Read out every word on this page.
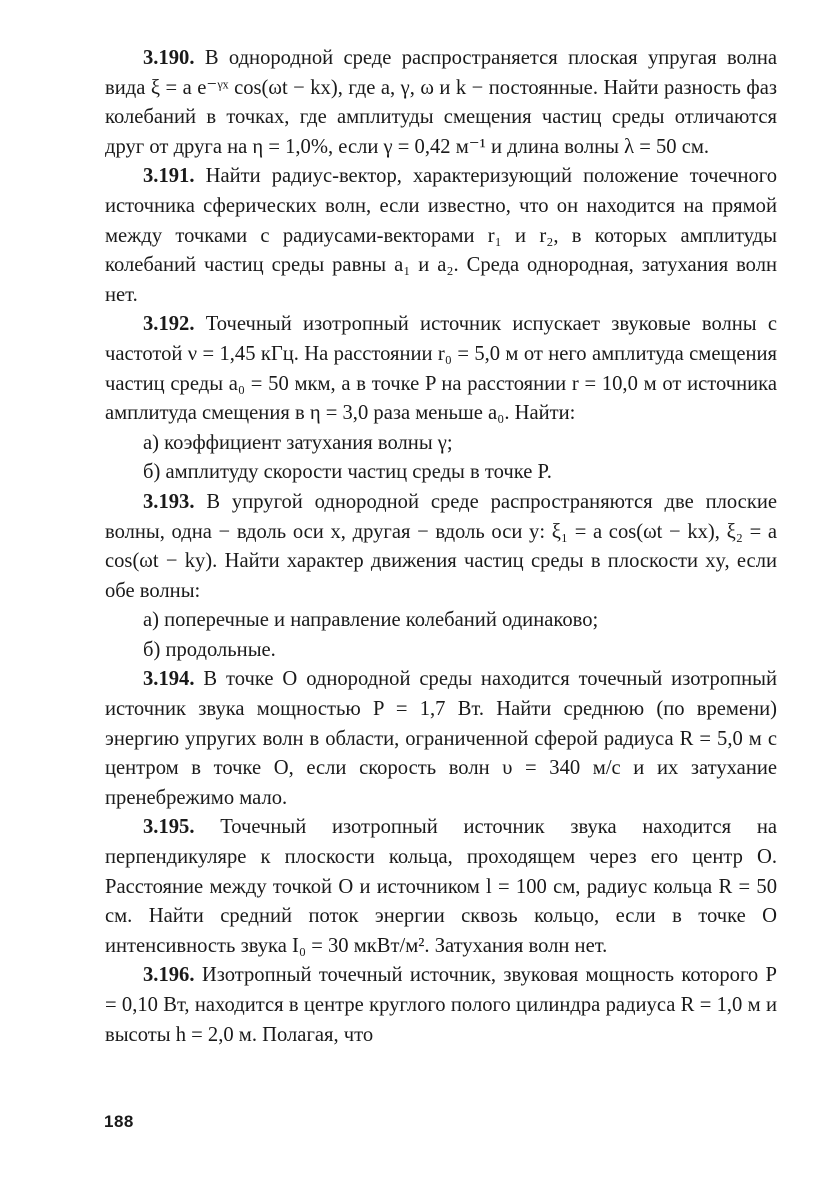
3.190. В однородной среде распространяется плоская упругая волна вида ξ = a e⁻ᵞˣ cos(ωt − kx), где a, γ, ω и k − постоянные. Найти разность фаз колебаний в точках, где амплитуды смещения частиц среды отличаются друг от друга на η = 1,0%, если γ = 0,42 м⁻¹ и длина волны λ = 50 см.

3.191. Найти радиус-вектор, характеризующий положение точечного источника сферических волн, если известно, что он находится на прямой между точками с радиусами-векторами r₁ и r₂, в которых амплитуды колебаний частиц среды равны a₁ и a₂. Среда однородная, затухания волн нет.

3.192. Точечный изотропный источник испускает звуковые волны с частотой ν = 1,45 кГц. На расстоянии r₀ = 5,0 м от него амплитуда смещения частиц среды a₀ = 50 мкм, а в точке P на расстоянии r = 10,0 м от источника амплитуда смещения в η = 3,0 раза меньше a₀. Найти:

а) коэффициент затухания волны γ;

б) амплитуду скорости частиц среды в точке P.

3.193. В упругой однородной среде распространяются две плоские волны, одна − вдоль оси x, другая − вдоль оси y: ξ₁ = a cos(ωt − kx), ξ₂ = a cos(ωt − ky). Найти характер движения частиц среды в плоскости xy, если обе волны:

а) поперечные и направление колебаний одинаково;

б) продольные.

3.194. В точке O однородной среды находится точечный изотропный источник звука мощностью P = 1,7 Вт. Найти среднюю (по времени) энергию упругих волн в области, ограниченной сферой радиуса R = 5,0 м с центром в точке O, если скорость волн υ = 340 м/с и их затухание пренебрежимо мало.

3.195. Точечный изотропный источник звука находится на перпендикуляре к плоскости кольца, проходящем через его центр O. Расстояние между точкой O и источником l = 100 см, радиус кольца R = 50 см. Найти средний поток энергии сквозь кольцо, если в точке O интенсивность звука I₀ = 30 мкВт/м². Затухания волн нет.

3.196. Изотропный точечный источник, звуковая мощность которого P = 0,10 Вт, находится в центре круглого полого цилиндра радиуса R = 1,0 м и высоты h = 2,0 м. Полагая, что

188
